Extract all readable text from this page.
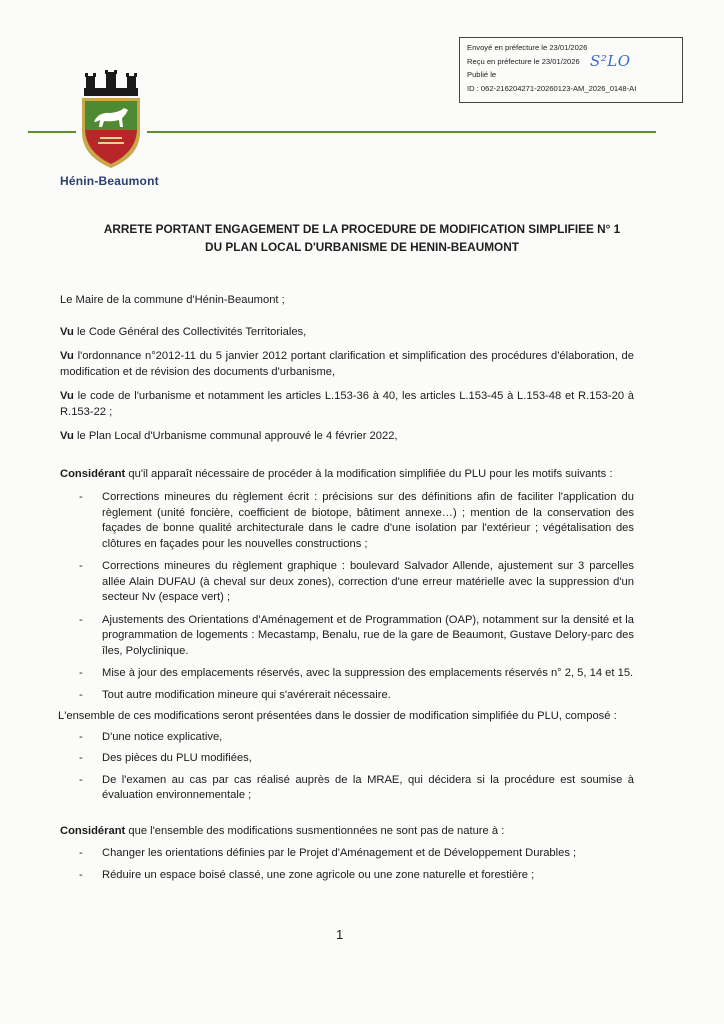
Envoyé en préfecture le 23/01/2026
Reçu en préfecture le 23/01/2026
Publié le
ID : 062-216204271-20260123-AM_2026_0148-AI
S²LO
Hénin-Beaumont
ARRETE PORTANT ENGAGEMENT DE LA PROCEDURE DE MODIFICATION SIMPLIFIEE N° 1
DU PLAN LOCAL D'URBANISME DE HENIN-BEAUMONT

Le Maire de la commune d'Hénin-Beaumont ;

Vu le Code Général des Collectivités Territoriales,

Vu l'ordonnance n°2012-11 du 5 janvier 2012 portant clarification et simplification des procédures d'élaboration, de modification et de révision des documents d'urbanisme,

Vu le code de l'urbanisme et notamment les articles L.153-36 à 40, les articles L.153-45 à L.153-48 et R.153-20 à R.153-22 ;

Vu le Plan Local d'Urbanisme communal approuvé le 4 février 2022,

Considérant qu'il apparaît nécessaire de procéder à la modification simplifiée du PLU pour les motifs suivants :

- Corrections mineures du règlement écrit : précisions sur des définitions afin de faciliter l'application du règlement (unité foncière, coefficient de biotope, bâtiment annexe…) ; mention de la conservation des façades de bonne qualité architecturale dans le cadre d'une isolation par l'extérieur ; végétalisation des clôtures en façades pour les nouvelles constructions ;
- Corrections mineures du règlement graphique : boulevard Salvador Allende, ajustement sur 3 parcelles allée Alain DUFAU (à cheval sur deux zones), correction d'une erreur matérielle avec la suppression d'un secteur Nv (espace vert) ;
- Ajustements des Orientations d'Aménagement et de Programmation (OAP), notamment sur la densité et la programmation de logements : Mecastamp, Benalu, rue de la gare de Beaumont, Gustave Delory-parc des îles, Polyclinique.
- Mise à jour des emplacements réservés, avec la suppression des emplacements réservés n° 2, 5, 14 et 15.
- Tout autre modification mineure qui s'avérerait nécessaire.

L'ensemble de ces modifications seront présentées dans le dossier de modification simplifiée du PLU, composé :

- D'une notice explicative,
- Des pièces du PLU modifiées,
- De l'examen au cas par cas réalisé auprès de la MRAE, qui décidera si la procédure est soumise à évaluation environnementale ;

Considérant que l'ensemble des modifications susmentionnées ne sont pas de nature à :

- Changer les orientations définies par le Projet d'Aménagement et de Développement Durables ;
- Réduire un espace boisé classé, une zone agricole ou une zone naturelle et forestière ;
1
